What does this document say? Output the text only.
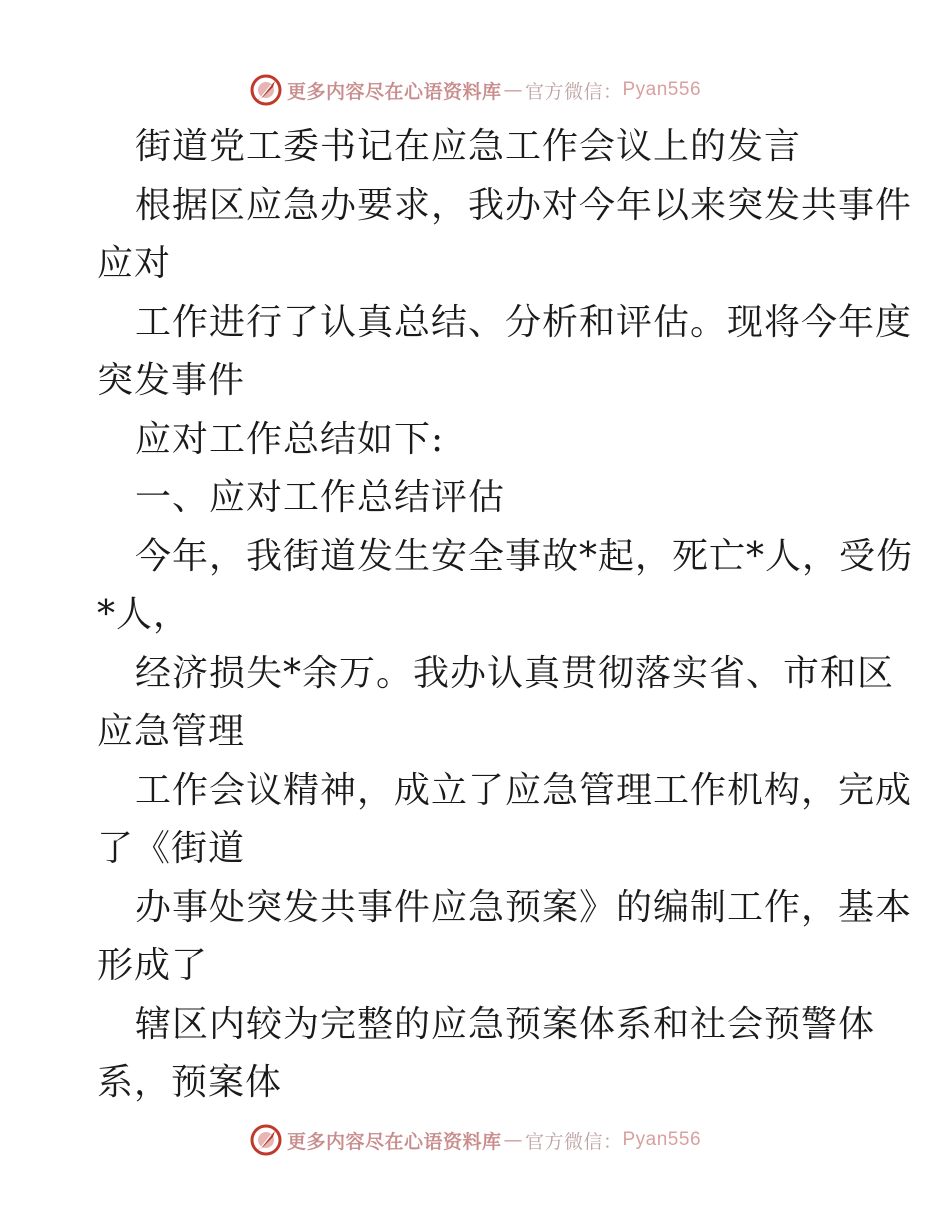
更多内容尽在心语资料库 — 官方微信： Pyan556
街道党工委书记在应急工作会议上的发言
根据区应急办要求，我办对今年以来突发共事件
应对
工作进行了认真总结、分析和评估。现将今年度
突发事件
应对工作总结如下:
一、应对工作总结评估
今年，我街道发生安全事故*起，死亡*人，受伤
*人，
经济损失*余万。我办认真贯彻落实省、市和区
应急管理
工作会议精神，成立了应急管理工作机构，完成
了《街道
办事处突发共事件应急预案》的编制工作，基本
形成了
辖区内较为完整的应急预案体系和社会预警体
系，预案体
更多内容尽在心语资料库 — 官方微信： Pyan556
